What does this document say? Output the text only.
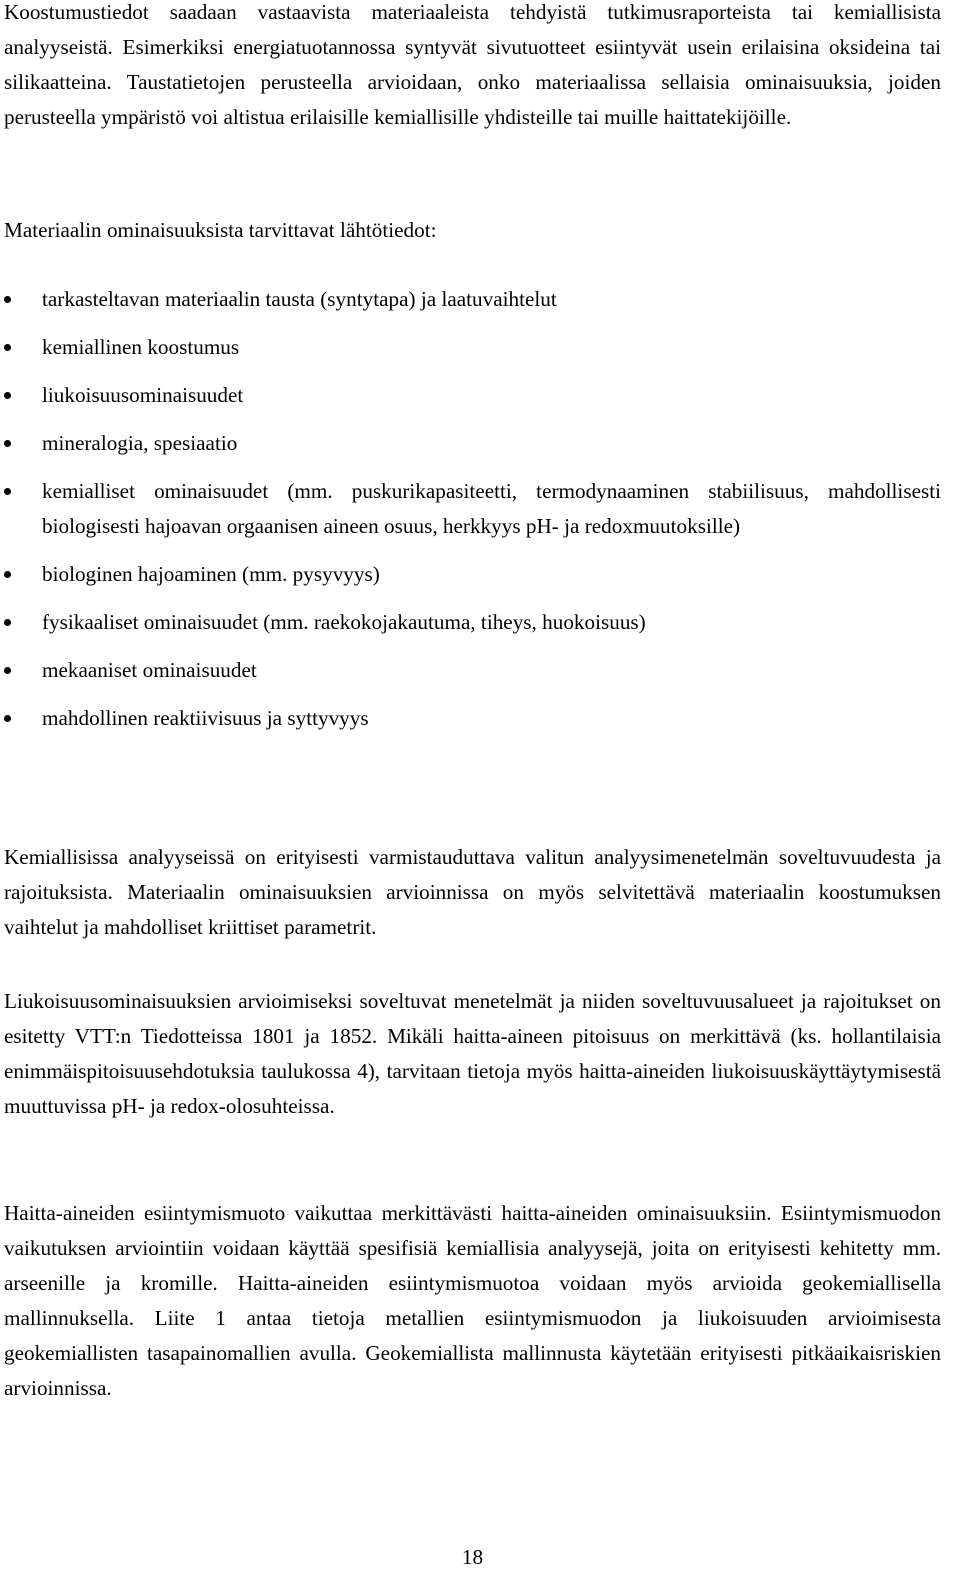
Koostumustiedot saadaan vastaavista materiaaleista tehdyistä tutkimusraporteista tai kemiallisista analyyseistä. Esimerkiksi energiatuotannossa syntyvät sivutuotteet esiintyvät usein erilaisina oksideina tai silikaatteina. Taustatietojen perusteella arvioidaan, onko materiaalissa sellaisia ominaisuuksia, joiden perusteella ympäristö voi altistua erilaisille kemiallisille yhdisteille tai muille haittatekijöille.

Materiaalin ominaisuuksista tarvittavat lähtötiedot:

tarkasteltavan materiaalin tausta (syntytapa) ja laatuvaihtelut
kemiallinen koostumus
liukoisuusominaisuudet
mineralogia, spesiaatio
kemialliset ominaisuudet (mm. puskurikapasiteetti, termodynaaminen stabiilisuus, mahdollisesti biologisesti hajoavan orgaanisen aineen osuus, herkkyys pH- ja redoxmuutoksille)
biologinen hajoaminen (mm. pysyvyys)
fysikaaliset ominaisuudet (mm. raekokojakautuma, tiheys, huokoisuus)
mekaaniset ominaisuudet
mahdollinen reaktiivisuus ja syttyvyys

Kemiallisissa analyyseissä on erityisesti varmistauduttava valitun analyysimenetelmän soveltuvuudesta ja rajoituksista. Materiaalin ominaisuuksien arvioinnissa on myös selvitettävä materiaalin koostumuksen vaihtelut ja mahdolliset kriittiset parametrit.

Liukoisuusominaisuuksien arvioimiseksi soveltuvat menetelmät ja niiden soveltuvuusalueet ja rajoitukset on esitetty VTT:n Tiedotteissa 1801 ja 1852. Mikäli haitta-aineen pitoisuus on merkittävä (ks. hollantilaisia enimmäispitoisuusehdotuksia taulukossa 4), tarvitaan tietoja myös haitta-aineiden liukoisuuskäyttäytymisestä muuttuvissa pH- ja redox-olosuhteissa.

Haitta-aineiden esiintymismuoto vaikuttaa merkittävästi haitta-aineiden ominaisuuksiin. Esiintymismuodon vaikutuksen arviointiin voidaan käyttää spesifisiä kemiallisia analyysejä, joita on erityisesti kehitetty mm. arseenille ja kromille. Haitta-aineiden esiintymismuotoa voidaan myös arvioida geokemiallisella mallinnuksella. Liite 1 antaa tietoja metallien esiintymismuodon ja liukoisuuden arvioimisesta geokemiallisten tasapainomallien avulla. Geokemiallista mallinnusta käytetään erityisesti pitkäaikaisriskien arvioinnissa.

18
